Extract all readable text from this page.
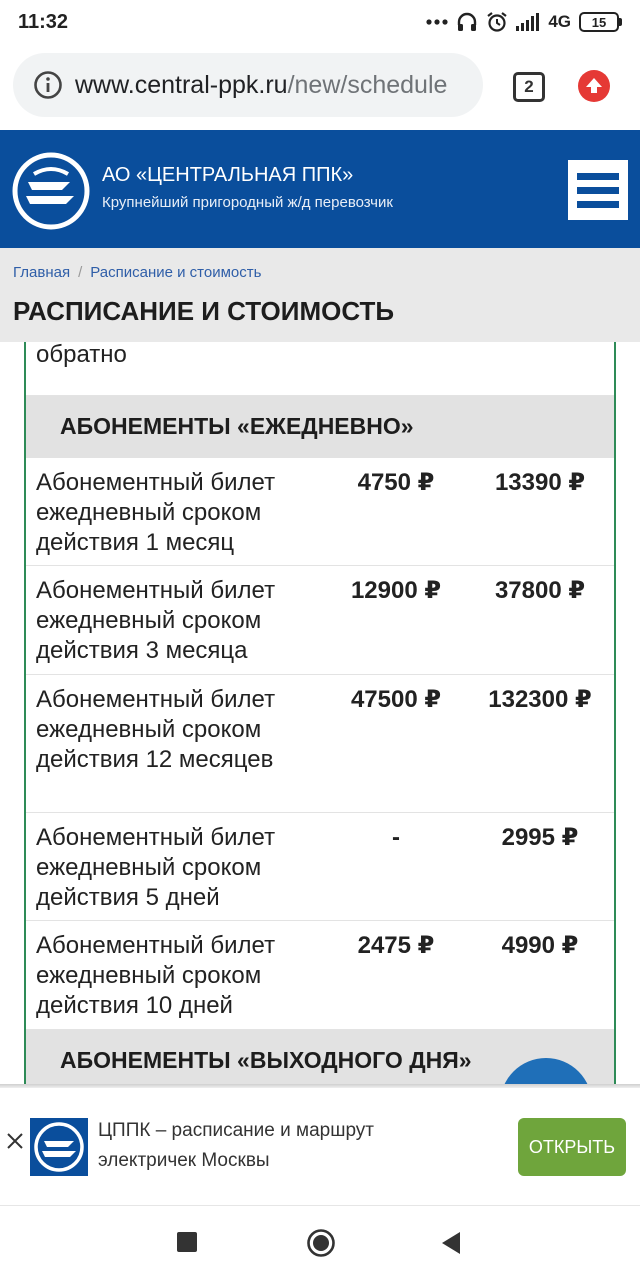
11:32	4G 15
www.central-ppk.ru/new/schedule	2
АО «ЦЕНТРАЛЬНАЯ ППК»
Крупнейший пригородный ж/д перевозчик
Главная / Расписание и стоимость
РАСПИСАНИЕ И СТОИМОСТЬ
обратно
АБОНЕМЕНТЫ «ЕЖЕДНЕВНО»
Абонементный билет ежедневный сроком действия 1 месяц
4750 ₽	13390 ₽
Абонементный билет ежедневный сроком действия 3 месяца
12900 ₽	37800 ₽
Абонементный билет ежедневный сроком действия 12 месяцев
47500 ₽	132300 ₽
Абонементный билет ежедневный сроком действия 5 дней
-	2995 ₽
Абонементный билет ежедневный сроком действия 10 дней
2475 ₽	4990 ₽
АБОНЕМЕНТЫ «ВЫХОДНОГО ДНЯ»
ЦППК – расписание и маршрут электричек Москвы
ОТКРЫТЬ
